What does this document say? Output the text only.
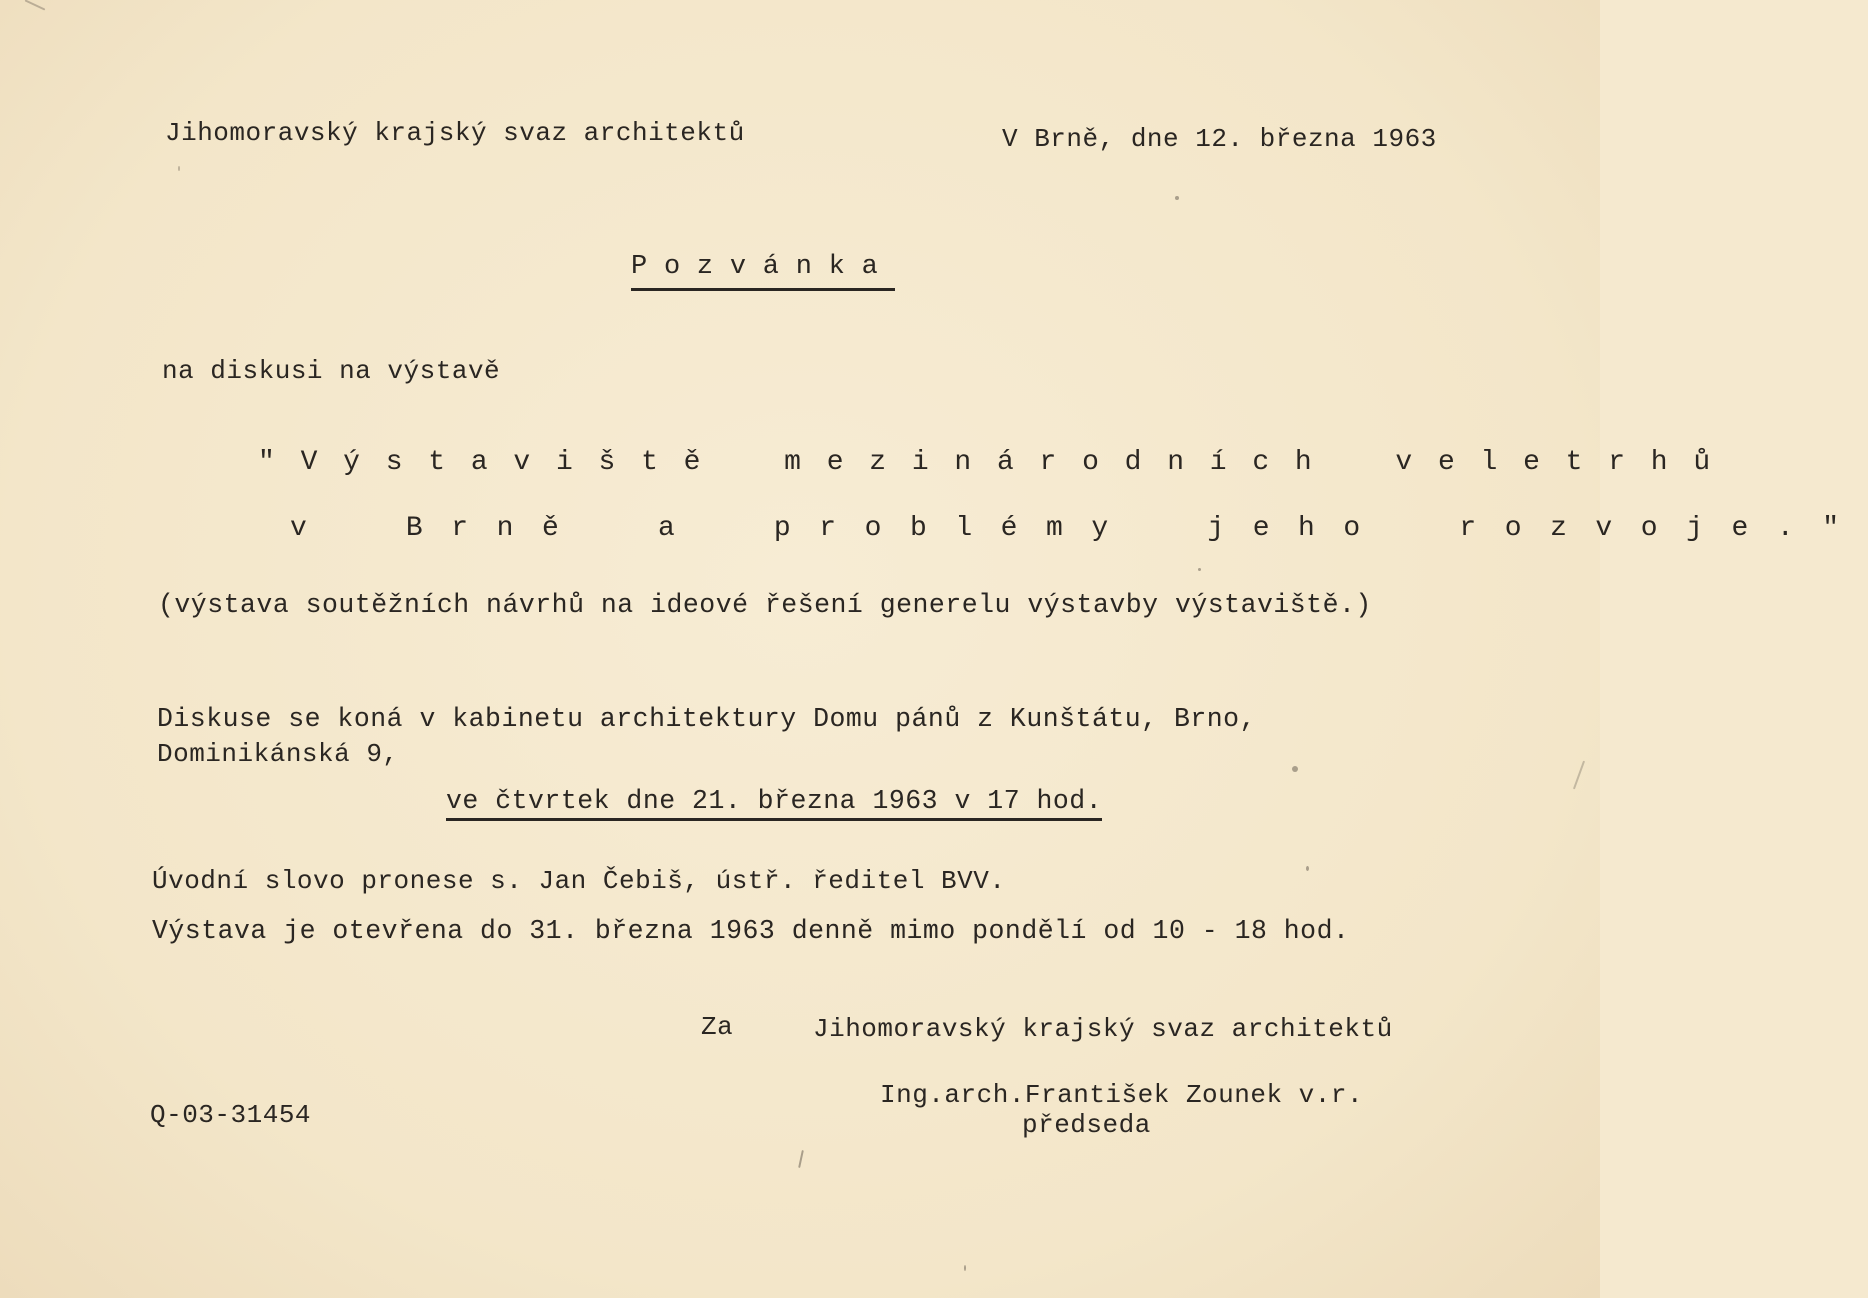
Jihomoravský krajský svaz architektů	V Brně, dne 12. března 1963

Pozvánka

na diskusi na výstavě

"Výstaviště mezinárodních veletrhů

v Brně a problémy jeho rozvoje."

(výstava soutěžních návrhů na ideové řešení generelu výstavby výstaviště.)

Diskuse se koná v kabinetu architektury Domu pánů z Kunštátu, Brno,

Dominikánská 9,

ve čtvrtek dne 21. března 1963 v 17 hod.

Úvodní slovo pronese s. Jan Čebiš, ústř. ředitel BVV.

Výstava je otevřena do 31. března 1963 denně mimo pondělí od 10 - 18 hod.

Za	Jihomoravský krajský svaz architektů

Ing.arch.František Zounek v.r.

předseda

Q-03-31454
